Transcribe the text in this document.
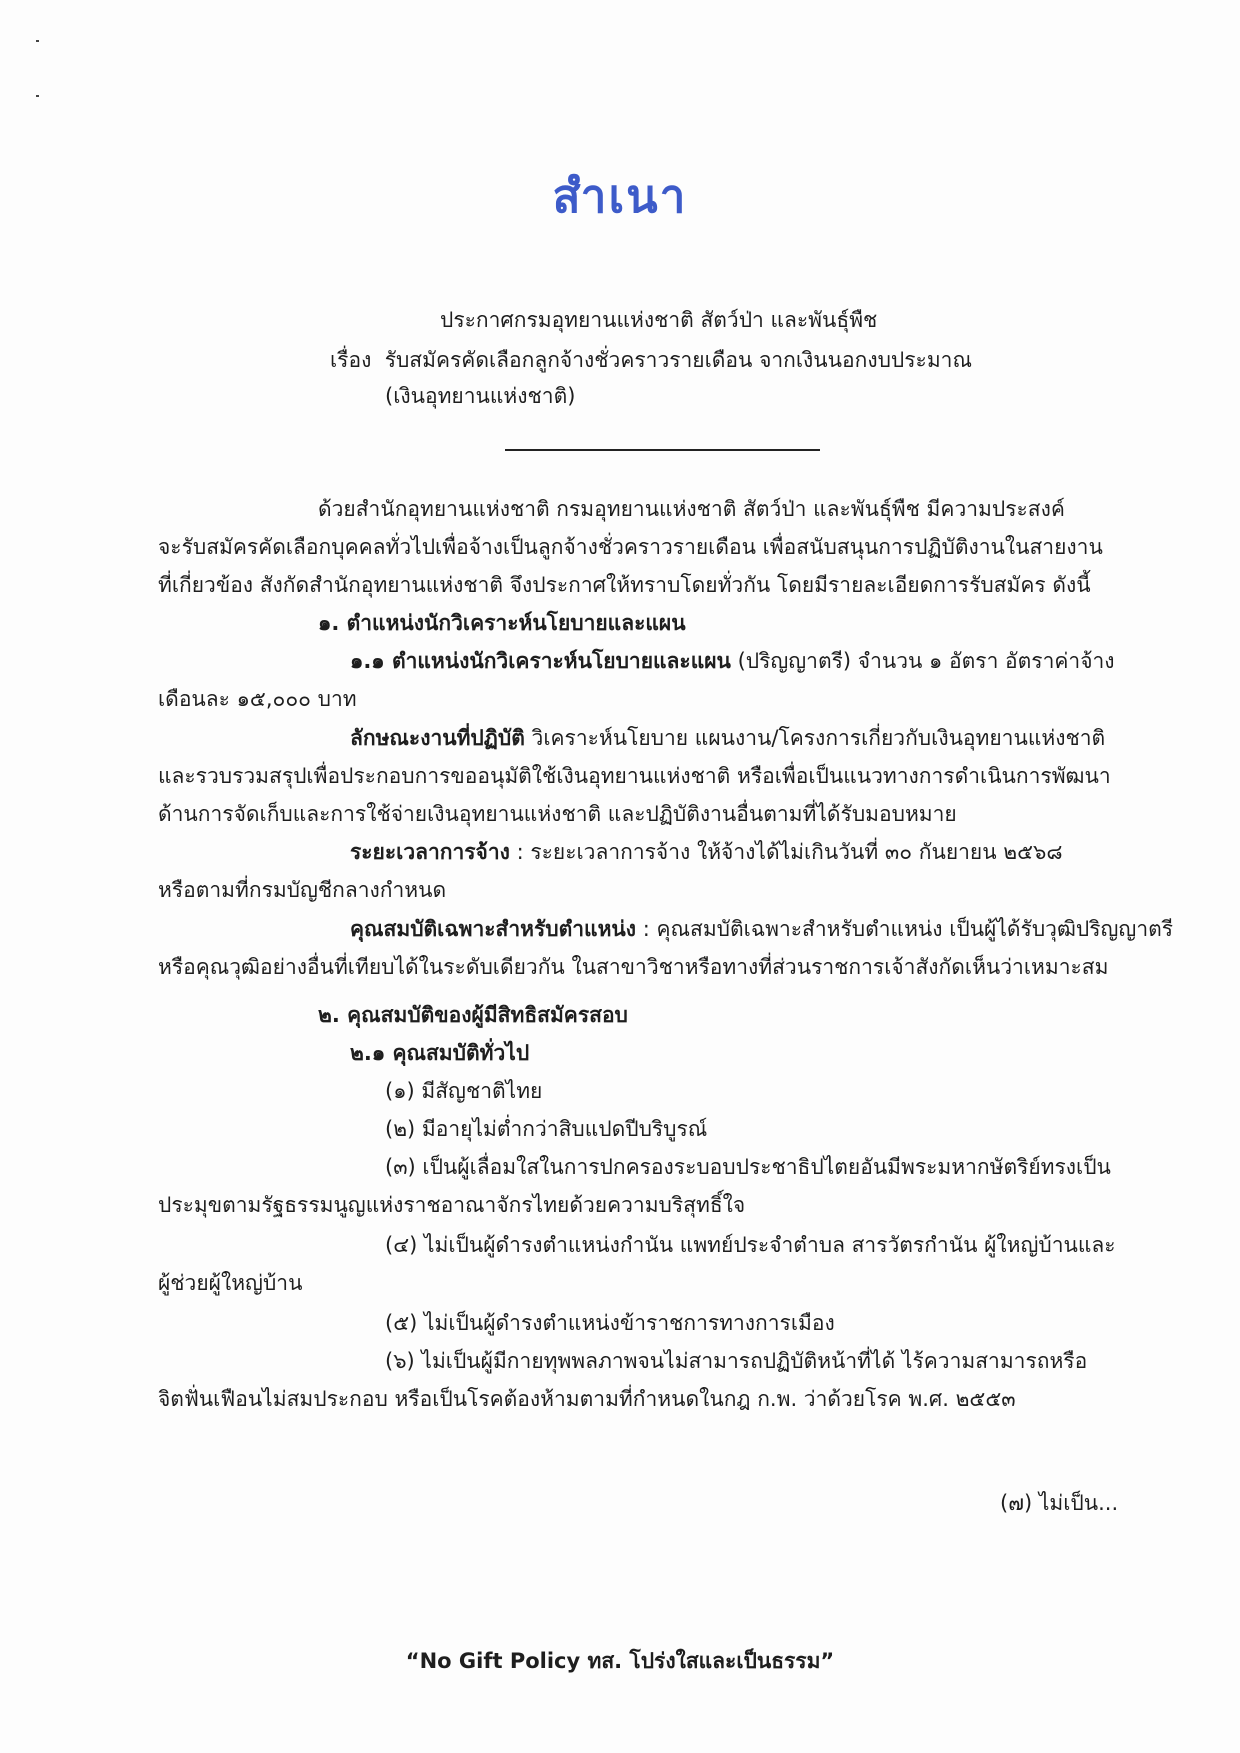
สำเนา
ประกาศกรมอุทยานแห่งชาติ สัตว์ป่า และพันธุ์พืช
เรื่อง รับสมัครคัดเลือกลูกจ้างชั่วคราวรายเดือน จากเงินนอกงบประมาณ
(เงินอุทยานแห่งชาติ)
ด้วยสำนักอุทยานแห่งชาติ กรมอุทยานแห่งชาติ สัตว์ป่า และพันธุ์พืช มีความประสงค์
จะรับสมัครคัดเลือกบุคคลทั่วไปเพื่อจ้างเป็นลูกจ้างชั่วคราวรายเดือน เพื่อสนับสนุนการปฏิบัติงานในสายงาน
ที่เกี่ยวข้อง สังกัดสำนักอุทยานแห่งชาติ จึงประกาศให้ทราบโดยทั่วกัน โดยมีรายละเอียดการรับสมัคร ดังนี้
๑. ตำแหน่งนักวิเคราะห์นโยบายและแผน
๑.๑ ตำแหน่งนักวิเคราะห์นโยบายและแผน (ปริญญาตรี) จำนวน ๑ อัตรา อัตราค่าจ้าง
เดือนละ ๑๕,๐๐๐ บาท
ลักษณะงานที่ปฏิบัติ วิเคราะห์นโยบาย แผนงาน/โครงการเกี่ยวกับเงินอุทยานแห่งชาติ
และรวบรวมสรุปเพื่อประกอบการขออนุมัติใช้เงินอุทยานแห่งชาติ หรือเพื่อเป็นแนวทางการดำเนินการพัฒนา
ด้านการจัดเก็บและการใช้จ่ายเงินอุทยานแห่งชาติ และปฏิบัติงานอื่นตามที่ได้รับมอบหมาย
ระยะเวลาการจ้าง : ระยะเวลาการจ้าง ให้จ้างได้ไม่เกินวันที่ ๓๐ กันยายน ๒๕๖๘
หรือตามที่กรมบัญชีกลางกำหนด
คุณสมบัติเฉพาะสำหรับตำแหน่ง : คุณสมบัติเฉพาะสำหรับตำแหน่ง เป็นผู้ได้รับวุฒิปริญญาตรี
หรือคุณวุฒิอย่างอื่นที่เทียบได้ในระดับเดียวกัน ในสาขาวิชาหรือทางที่ส่วนราชการเจ้าสังกัดเห็นว่าเหมาะสม
๒. คุณสมบัติของผู้มีสิทธิสมัครสอบ
๒.๑ คุณสมบัติทั่วไป
(๑) มีสัญชาติไทย
(๒) มีอายุไม่ต่ำกว่าสิบแปดปีบริบูรณ์
(๓) เป็นผู้เลื่อมใสในการปกครองระบอบประชาธิปไตยอันมีพระมหากษัตริย์ทรงเป็น
ประมุขตามรัฐธรรมนูญแห่งราชอาณาจักรไทยด้วยความบริสุทธิ์ใจ
(๔) ไม่เป็นผู้ดำรงตำแหน่งกำนัน แพทย์ประจำตำบล สารวัตรกำนัน ผู้ใหญ่บ้านและ
ผู้ช่วยผู้ใหญ่บ้าน
(๕) ไม่เป็นผู้ดำรงตำแหน่งข้าราชการทางการเมือง
(๖) ไม่เป็นผู้มีกายทุพพลภาพจนไม่สามารถปฏิบัติหน้าที่ได้ ไร้ความสามารถหรือ
จิตฟั่นเฟือนไม่สมประกอบ หรือเป็นโรคต้องห้ามตามที่กำหนดในกฎ ก.พ. ว่าด้วยโรค พ.ศ. ๒๕๕๓
(๗) ไม่เป็น...
“No Gift Policy ทส. โปร่งใสและเป็นธรรม”
